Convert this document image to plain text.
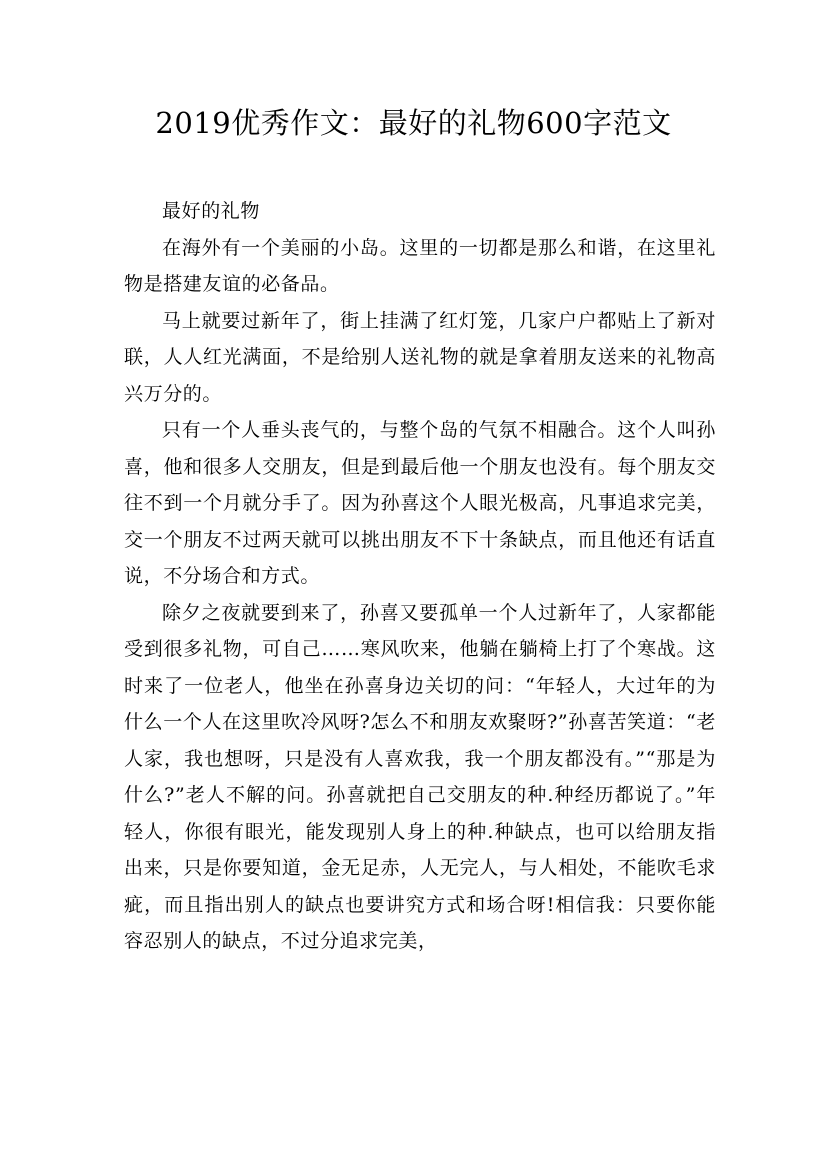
2019优秀作文：最好的礼物600字范文

最好的礼物

在海外有一个美丽的小岛。这里的一切都是那么和谐，在这里礼物是搭建友谊的必备品。

马上就要过新年了，街上挂满了红灯笼，几家户户都贴上了新对联，人人红光满面，不是给别人送礼物的就是拿着朋友送来的礼物高兴万分的。

只有一个人垂头丧气的，与整个岛的气氛不相融合。这个人叫孙喜，他和很多人交朋友，但是到最后他一个朋友也没有。每个朋友交往不到一个月就分手了。因为孙喜这个人眼光极高，凡事追求完美，交一个朋友不过两天就可以挑出朋友不下十条缺点，而且他还有话直说，不分场合和方式。

除夕之夜就要到来了，孙喜又要孤单一个人过新年了，人家都能受到很多礼物，可自己……寒风吹来，他躺在躺椅上打了个寒战。这时来了一位老人，他坐在孙喜身边关切的问：“年轻人，大过年的为什么一个人在这里吹冷风呀?怎么不和朋友欢聚呀?”孙喜苦笑道：“老人家，我也想呀，只是没有人喜欢我，我一个朋友都没有。”“那是为什么?”老人不解的问。孙喜就把自己交朋友的种.种经历都说了。”年轻人，你很有眼光，能发现别人身上的种.种缺点，也可以给朋友指出来，只是你要知道，金无足赤，人无完人，与人相处，不能吹毛求疵，而且指出别人的缺点也要讲究方式和场合呀!相信我：只要你能容忍别人的缺点，不过分追求完美，
